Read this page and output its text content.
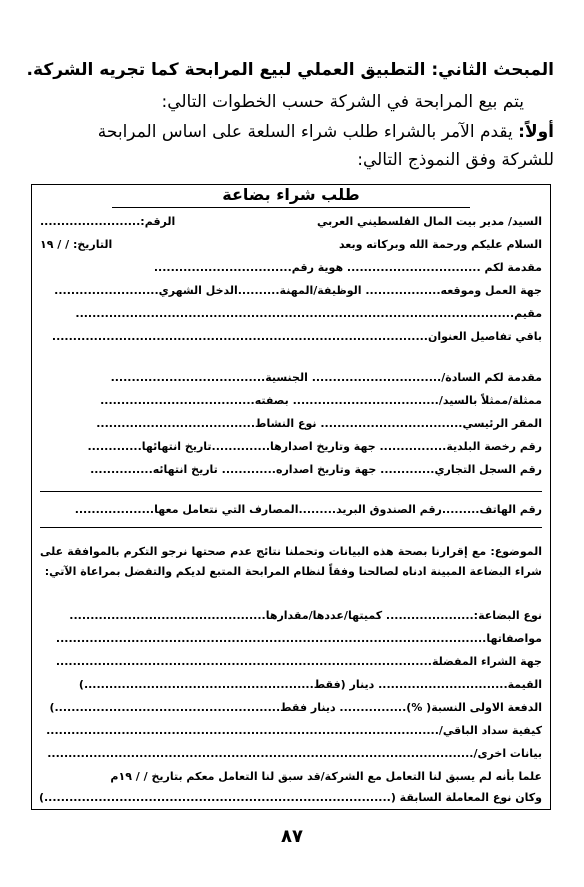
المبحث الثاني: التطبيق العملي لبيع المرابحة كما تجريه الشركة.
يتم بيع المرابحة في الشركة حسب الخطوات التالي:
أولاً: يقدم الآمر بالشراء طلب شراء السلعة على اساس المرابحة
للشركة وفق النموذج التالي:
طلب شراء بضاعة
السيد/ مدير بيت المال الفلسطيني العربي
الرقم:........................
السلام عليكم ورحمة الله وبركاته وبعد
التاريخ: / / ١٩
مقدمة لكم ................................ هوية رقم.................................
جهة العمل وموقعه.................. الوظيفة/المهنة..........الدخل الشهري.........................
مقيم.........................................................................................................
باقي تفاصيل العنوان..........................................................................................
مقدمة لكم السادة/............................... الجنسية.....................................
ممثلة/ممثلاً بالسيد/................................... بصفته.....................................
المقر الرئيسي.................................. نوع النشاط......................................
رقم رخصة البلدية................ جهة وتاريخ اصدارها..............تاريخ انتهائها.............
رقم السجل التجاري............. جهة وتاريخ اصداره............. تاريخ انتهائه...............
رقم الهاتف.........رقم الصندوق البريد.........المصارف التي نتعامل معها...................
الموضوع: مع إقرارنا بصحة هذه البيانات وتحملنا نتائج عدم صحتها نرجو التكرم بالموافقة على شراء البضاعة المبينة ادناه لصالحنا وفقاً لنظام المرابحة المتبع لديكم والتفضل بمراعاة الآتي:
نوع البضاعة:..................... كميتها/عددها/مقدارها...............................................
مواصفاتها.......................................................................................................
جهة الشراء المفضلة..........................................................................................
القيمة............................... دينار (فقط.......................................................)
الدفعة الاولى النسبة( %)................ دينار فقط......................................................)
كيفية سداد الباقي/..............................................................................................
بيانات اخرى/......................................................................................................
علما بأنه لم يسبق لنا التعامل مع الشركة/قد سبق لنا التعامل معكم بتاريخ / / ١٩م
وكان نوع المعاملة السابقة (...................................................................................)
٨٧
